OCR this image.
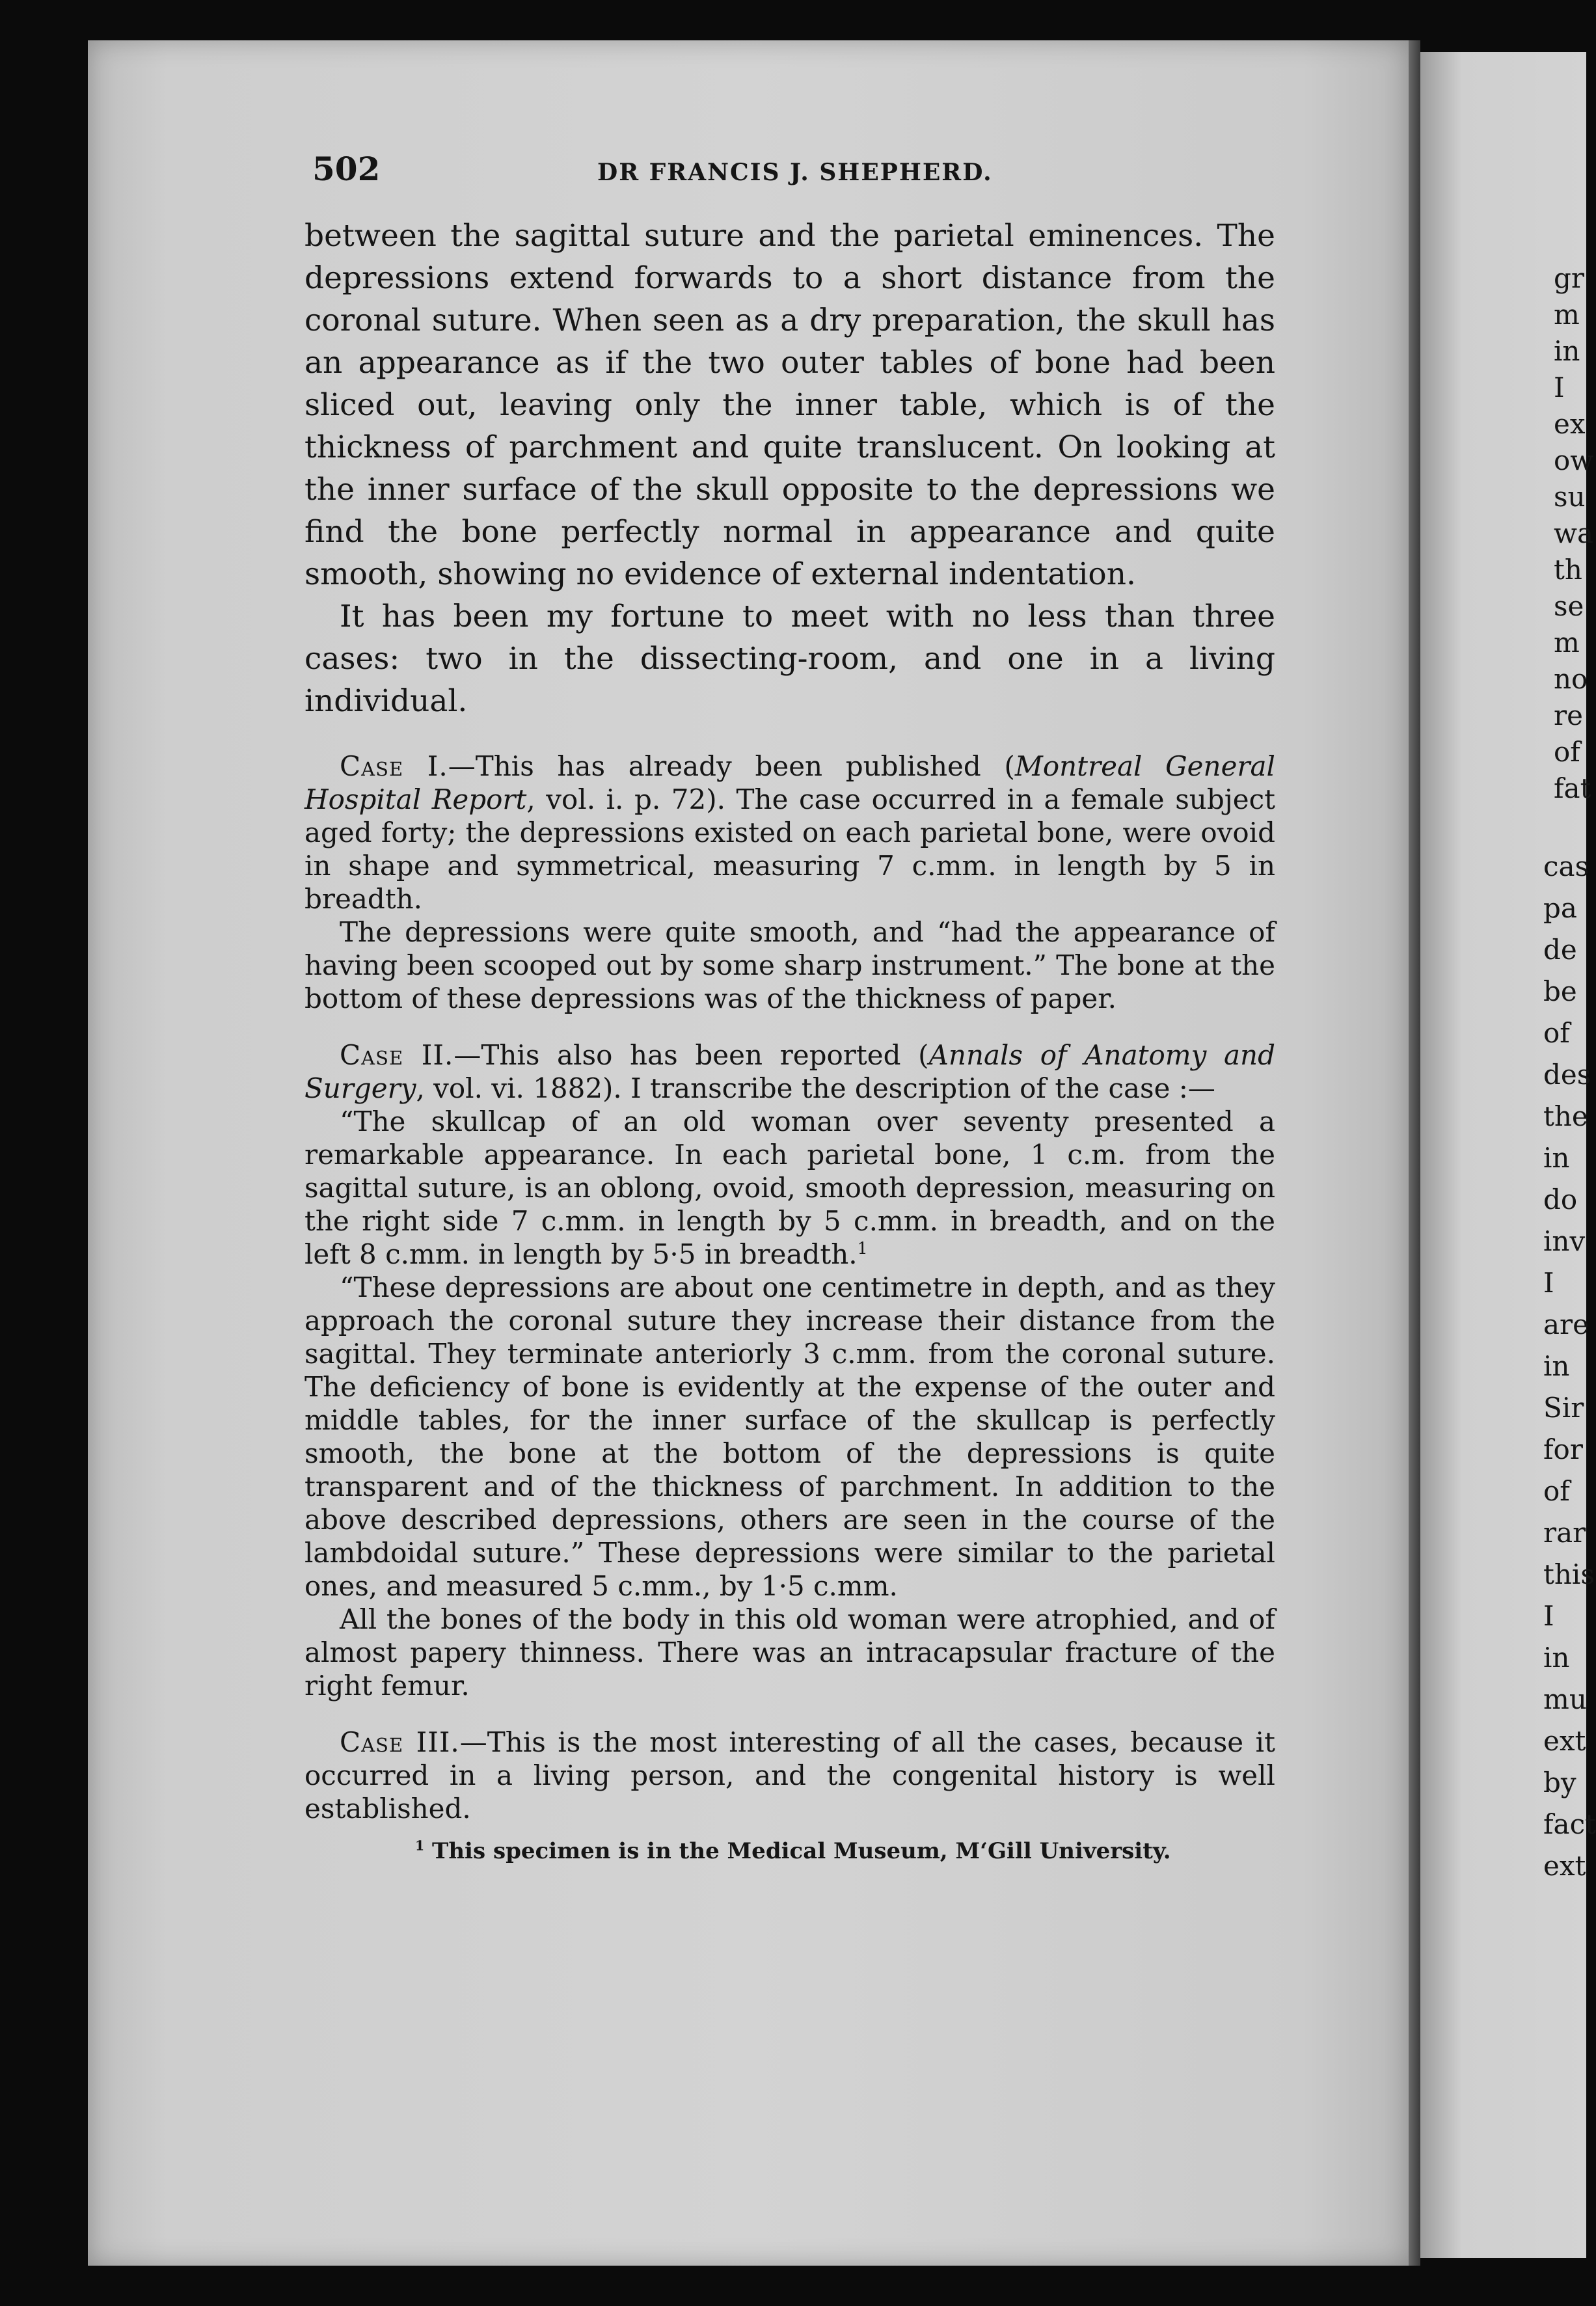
gr
m
in
I
ex
ow
su
wa
th
se
m
no
re
of
fat
cas
pa
de
be
of
des
the
in
do
inv
I
are
in
Sir
for
of
rar
this
I
in
mu
ext
by
fact
ext
502	DR FRANCIS J. SHEPHERD.

between the sagittal suture and the parietal eminences. The depressions extend forwards to a short distance from the coronal suture. When seen as a dry preparation, the skull has an appearance as if the two outer tables of bone had been sliced out, leaving only the inner table, which is of the thickness of parchment and quite translucent. On looking at the inner surface of the skull opposite to the depressions we find the bone perfectly normal in appearance and quite smooth, showing no evidence of external indentation.

It has been my fortune to meet with no less than three cases: two in the dissecting-room, and one in a living individual.

Case I.—This has already been published (Montreal General Hospital Report, vol. i. p. 72). The case occurred in a female subject aged forty; the depressions existed on each parietal bone, were ovoid in shape and symmetrical, measuring 7 c.mm. in length by 5 in breadth.

The depressions were quite smooth, and “had the appearance of having been scooped out by some sharp instrument.” The bone at the bottom of these depressions was of the thickness of paper.

Case II.—This also has been reported (Annals of Anatomy and Surgery, vol. vi. 1882). I transcribe the description of the case :—

“The skullcap of an old woman over seventy presented a remarkable appearance. In each parietal bone, 1 c.m. from the sagittal suture, is an oblong, ovoid, smooth depression, measuring on the right side 7 c.mm. in length by 5 c.mm. in breadth, and on the left 8 c.mm. in length by 5·5 in breadth.$^1$

“These depressions are about one centimetre in depth, and as they approach the coronal suture they increase their distance from the sagittal. They terminate anteriorly 3 c.mm. from the coronal suture. The deficiency of bone is evidently at the expense of the outer and middle tables, for the inner surface of the skullcap is perfectly smooth, the bone at the bottom of the depressions is quite transparent and of the thickness of parchment. In addition to the above described depressions, others are seen in the course of the lambdoidal suture.” These depressions were similar to the parietal ones, and measured 5 c.mm., by 1·5 c.mm.

All the bones of the body in this old woman were atrophied, and of almost papery thinness. There was an intracapsular fracture of the right femur.

Case III.—This is the most interesting of all the cases, because it occurred in a living person, and the congenital history is well established.

$^1$ This specimen is in the Medical Museum, M‘Gill University.
